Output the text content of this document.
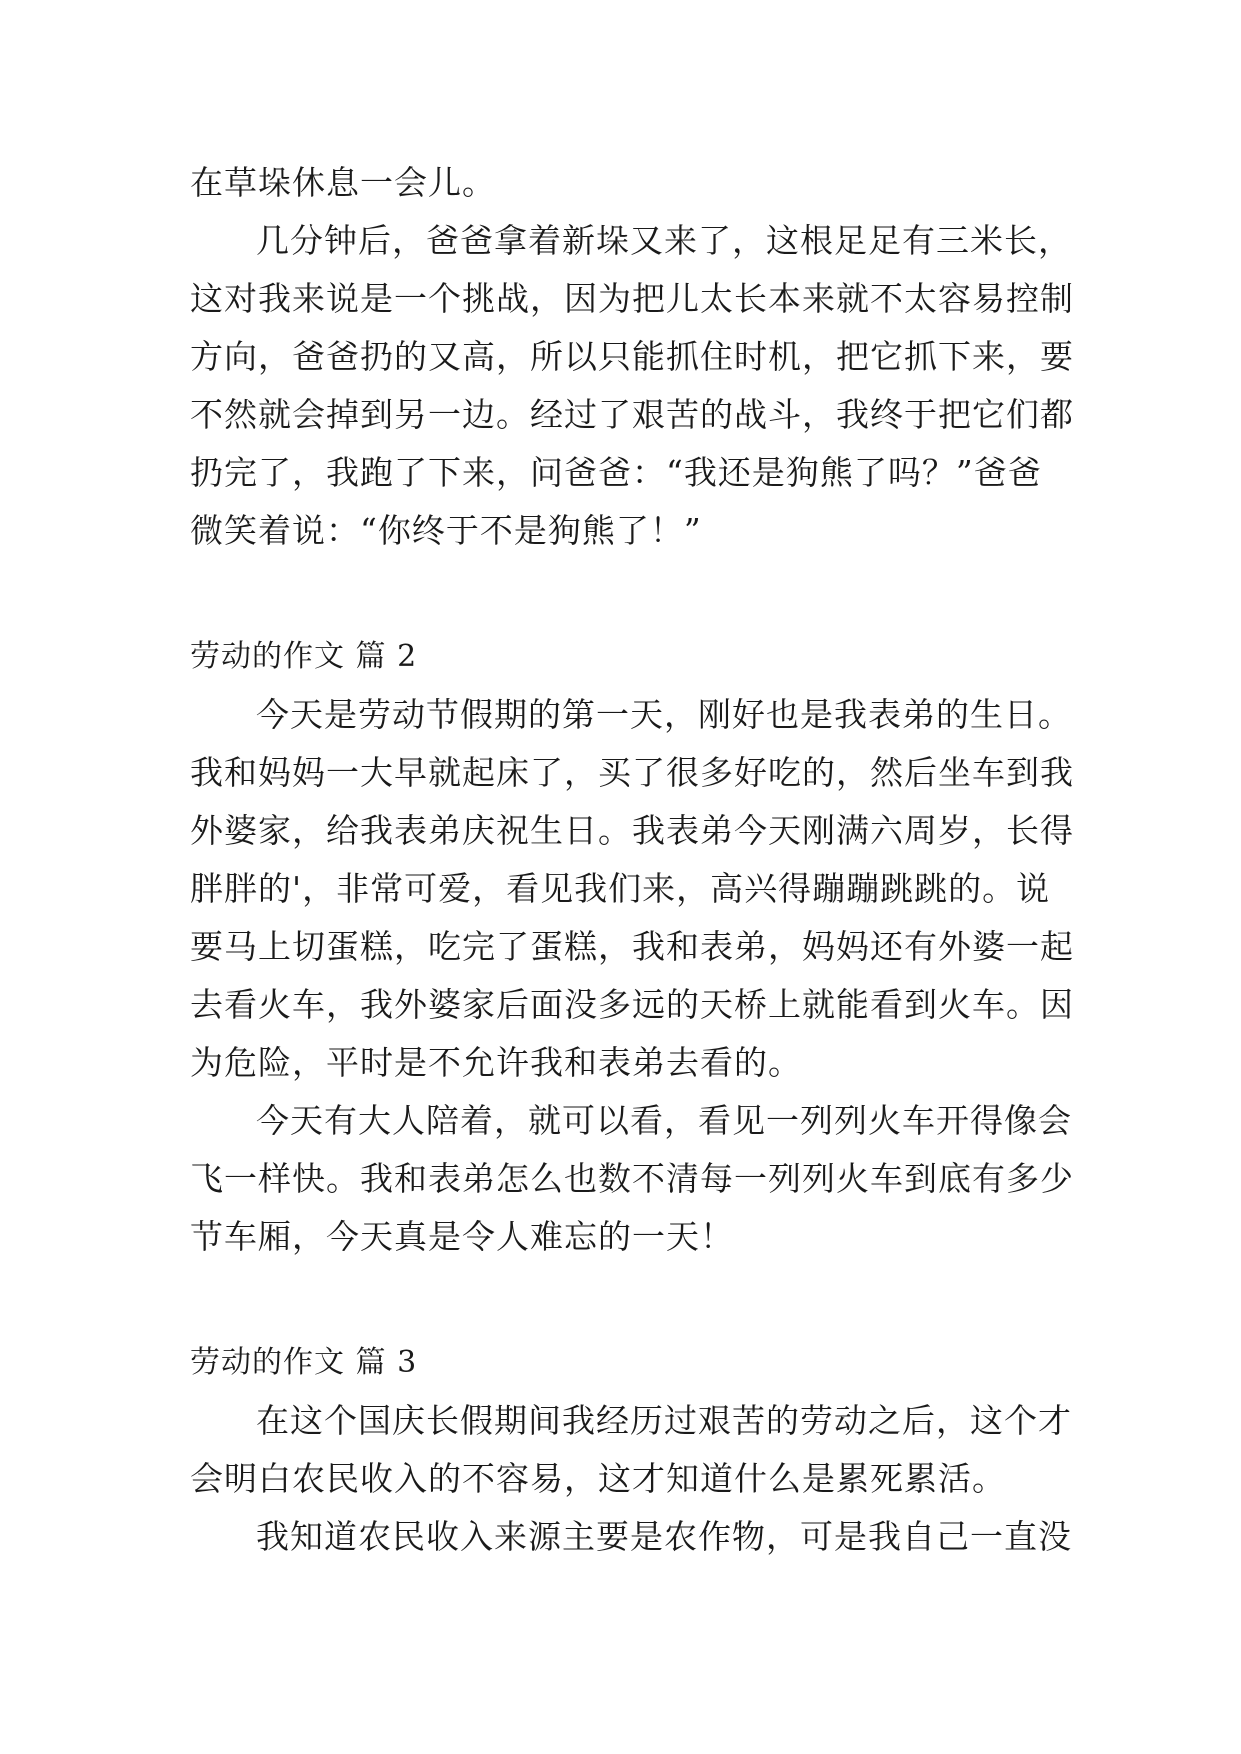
在草垛休息一会儿。
几分钟后，爸爸拿着新垛又来了，这根足足有三米长，
这对我来说是一个挑战，因为把儿太长本来就不太容易控制
方向，爸爸扔的又高，所以只能抓住时机，把它抓下来，要
不然就会掉到另一边。经过了艰苦的战斗，我终于把它们都
扔完了，我跑了下来，问爸爸：“我还是狗熊了吗？”爸爸
微笑着说：“你终于不是狗熊了！”
劳动的作文 篇 2
今天是劳动节假期的第一天，刚好也是我表弟的生日。
我和妈妈一大早就起床了，买了很多好吃的，然后坐车到我
外婆家，给我表弟庆祝生日。我表弟今天刚满六周岁，长得
胖胖的'，非常可爱，看见我们来，高兴得蹦蹦跳跳的。说
要马上切蛋糕，吃完了蛋糕，我和表弟，妈妈还有外婆一起
去看火车，我外婆家后面没多远的天桥上就能看到火车。因
为危险，平时是不允许我和表弟去看的。
今天有大人陪着，就可以看，看见一列列火车开得像会
飞一样快。我和表弟怎么也数不清每一列列火车到底有多少
节车厢，今天真是令人难忘的一天！
劳动的作文 篇 3
在这个国庆长假期间我经历过艰苦的劳动之后，这个才
会明白农民收入的不容易，这才知道什么是累死累活。
我知道农民收入来源主要是农作物，可是我自己一直没
